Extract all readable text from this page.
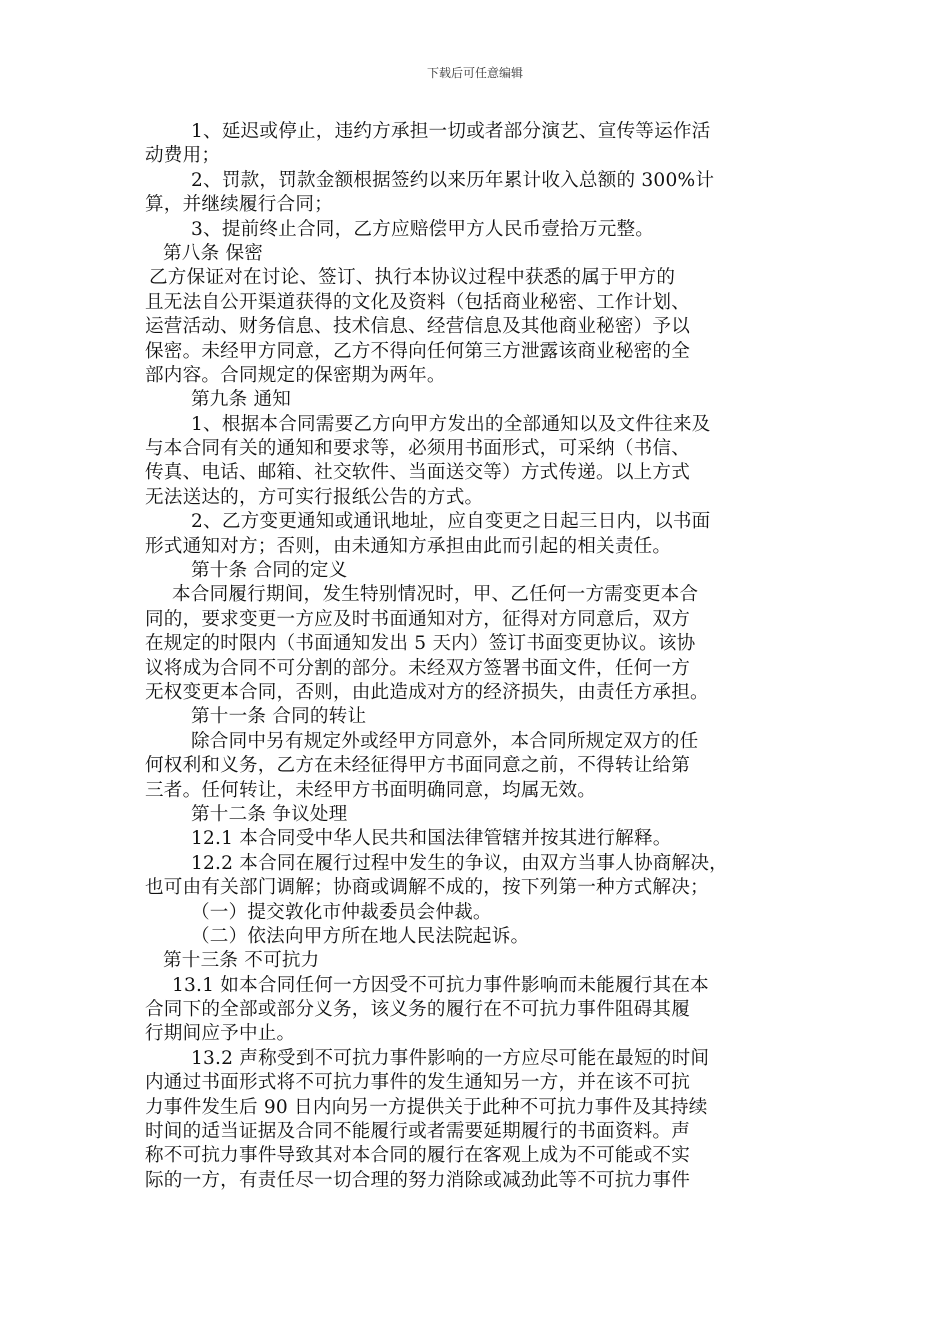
下载后可任意编辑
1、延迟或停止，违约方承担一切或者部分演艺、宣传等运作活
动费用；
2、罚款，罚款金额根据签约以来历年累计收入总额的 300%计
算，并继续履行合同；
3、提前终止合同，乙方应赔偿甲方人民币壹拾万元整。
第八条 保密
乙方保证对在讨论、签订、执行本协议过程中获悉的属于甲方的
且无法自公开渠道获得的文化及资料（包括商业秘密、工作计划、
运营活动、财务信息、技术信息、经营信息及其他商业秘密）予以
保密。未经甲方同意，乙方不得向任何第三方泄露该商业秘密的全
部内容。合同规定的保密期为两年。
第九条 通知
1、根据本合同需要乙方向甲方发出的全部通知以及文件往来及
与本合同有关的通知和要求等，必须用书面形式，可采纳（书信、
传真、电话、邮箱、社交软件、当面送交等）方式传递。以上方式
无法送达的，方可实行报纸公告的方式。
2、乙方变更通知或通讯地址，应自变更之日起三日内，以书面
形式通知对方；否则，由未通知方承担由此而引起的相关责任。
第十条 合同的定义
本合同履行期间，发生特别情况时，甲、乙任何一方需变更本合
同的，要求变更一方应及时书面通知对方，征得对方同意后，双方
在规定的时限内（书面通知发出 5 天内）签订书面变更协议。该协
议将成为合同不可分割的部分。未经双方签署书面文件，任何一方
无权变更本合同，否则，由此造成对方的经济损失，由责任方承担。
第十一条 合同的转让
除合同中另有规定外或经甲方同意外，本合同所规定双方的任
何权利和义务，乙方在未经征得甲方书面同意之前，不得转让给第
三者。任何转让，未经甲方书面明确同意，均属无效。
第十二条 争议处理
12.1 本合同受中华人民共和国法律管辖并按其进行解释。
12.2 本合同在履行过程中发生的争议，由双方当事人协商解决，
也可由有关部门调解；协商或调解不成的，按下列第一种方式解决；
（一）提交敦化市仲裁委员会仲裁。
（二）依法向甲方所在地人民法院起诉。
第十三条 不可抗力
13.1 如本合同任何一方因受不可抗力事件影响而未能履行其在本
合同下的全部或部分义务，该义务的履行在不可抗力事件阻碍其履
行期间应予中止。
13.2 声称受到不可抗力事件影响的一方应尽可能在最短的时间
内通过书面形式将不可抗力事件的发生通知另一方，并在该不可抗
力事件发生后 90 日内向另一方提供关于此种不可抗力事件及其持续
时间的适当证据及合同不能履行或者需要延期履行的书面资料。声
称不可抗力事件导致其对本合同的履行在客观上成为不可能或不实
际的一方，有责任尽一切合理的努力消除或减劲此等不可抗力事件
